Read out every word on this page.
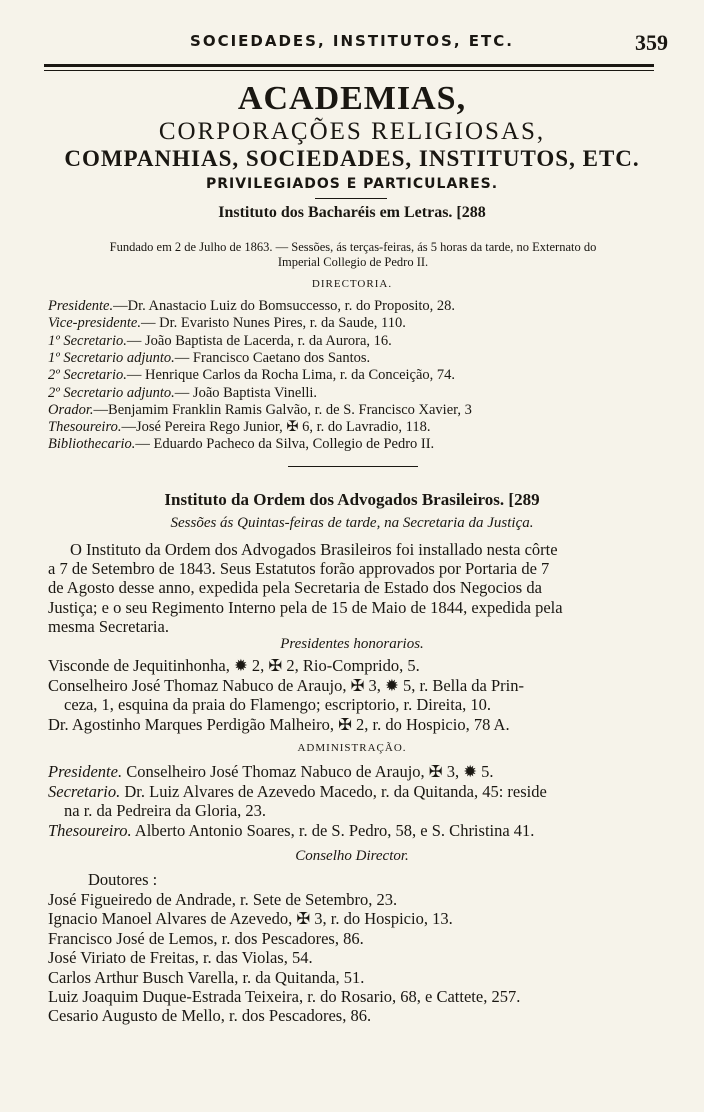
SOCIEDADES, INSTITUTOS, ETC.	359
ACADEMIAS,
CORPORAÇÕES RELIGIOSAS,
COMPANHIAS, SOCIEDADES, INSTITUTOS, ETC.
PRIVILEGIADOS E PARTICULARES.
Instituto dos Bacharéis em Letras. [288
Fundado em 2 de Julho de 1863. — Sessões, ás terças-feiras, ás 5 horas da tarde, no Externato do
Imperial Collegio de Pedro II.
DIRECTORIA.
Presidente.—Dr. Anastacio Luiz do Bomsuccesso, r. do Proposito, 28.
Vice-presidente.— Dr. Evaristo Nunes Pires, r. da Saude, 110.
1º Secretario.— João Baptista de Lacerda, r. da Aurora, 16.
1º Secretario adjunto.— Francisco Caetano dos Santos.
2º Secretario.— Henrique Carlos da Rocha Lima, r. da Conceição, 74.
2º Secretario adjunto.— João Baptista Vinelli.
Orador.—Benjamim Franklin Ramis Galvão, r. de S. Francisco Xavier, 3
Thesoureiro.—José Pereira Rego Junior, ✠ 6, r. do Lavradio, 118.
Bibliothecario.— Eduardo Pacheco da Silva, Collegio de Pedro II.
Instituto da Ordem dos Advogados Brasileiros. [289
Sessões ás Quintas-feiras de tarde, na Secretaria da Justiça.
O Instituto da Ordem dos Advogados Brasileiros foi installado nesta côrte
a 7 de Setembro de 1843. Seus Estatutos forão approvados por Portaria de 7
de Agosto desse anno, expedida pela Secretaria de Estado dos Negocios da
Justiça; e o seu Regimento Interno pela de 15 de Maio de 1844, expedida pela
mesma Secretaria.
Presidentes honorarios.
Visconde de Jequitinhonha, ✹ 2, ✠ 2, Rio-Comprido, 5.
Conselheiro José Thomaz Nabuco de Araujo, ✠ 3, ✹ 5, r. Bella da Prin-
ceza, 1, esquina da praia do Flamengo; escriptorio, r. Direita, 10.
Dr. Agostinho Marques Perdigão Malheiro, ✠ 2, r. do Hospicio, 78 A.
ADMINISTRAÇÃO.
Presidente. Conselheiro José Thomaz Nabuco de Araujo, ✠ 3, ✹ 5.
Secretario. Dr. Luiz Alvares de Azevedo Macedo, r. da Quitanda, 45: reside
na r. da Pedreira da Gloria, 23.
Thesoureiro. Alberto Antonio Soares, r. de S. Pedro, 58, e S. Christina 41.
Conselho Director.
Doutores :
José Figueiredo de Andrade, r. Sete de Setembro, 23.
Ignacio Manoel Alvares de Azevedo, ✠ 3, r. do Hospicio, 13.
Francisco José de Lemos, r. dos Pescadores, 86.
José Viriato de Freitas, r. das Violas, 54.
Carlos Arthur Busch Varella, r. da Quitanda, 51.
Luiz Joaquim Duque-Estrada Teixeira, r. do Rosario, 68, e Cattete, 257.
Cesario Augusto de Mello, r. dos Pescadores, 86.
